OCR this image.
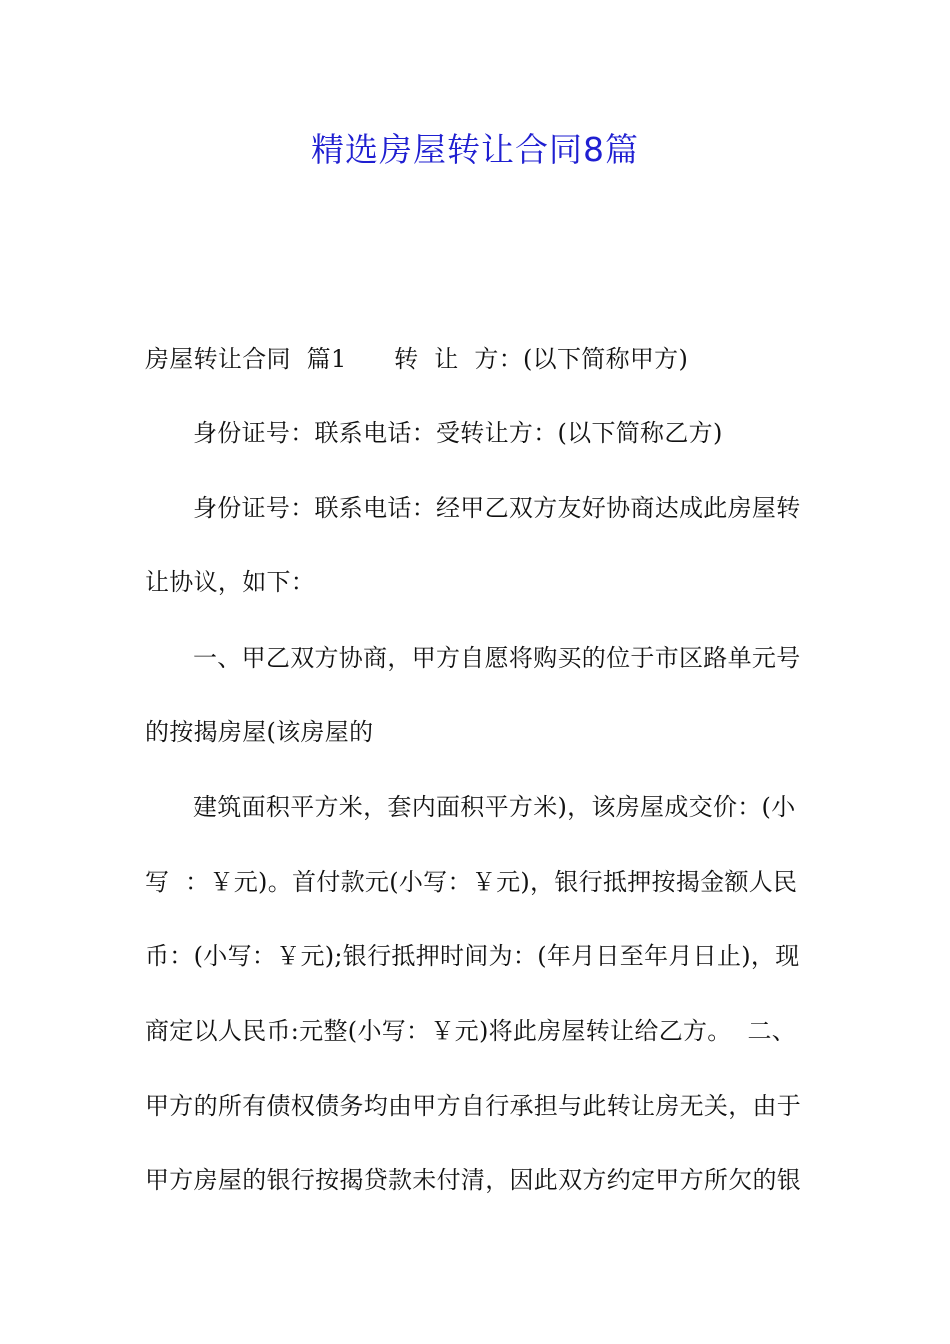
精选房屋转让合同8篇
房屋转让合同  篇1      转  让  方：(以下简称甲方)
身份证号：联系电话：受转让方：(以下简称乙方)
身份证号：联系电话：经甲乙双方友好协商达成此房屋转
让协议，如下：
一、甲乙双方协商，甲方自愿将购买的位于市区路单元号
的按揭房屋(该房屋的
建筑面积平方米，套内面积平方米)，该房屋成交价：(小
写  ：￥元)。首付款元(小写：￥元)，银行抵押按揭金额人民
币：(小写：￥元);银行抵押时间为：(年月日至年月日止)，现
商定以人民币:元整(小写：￥元)将此房屋转让给乙方。  二、
甲方的所有债权债务均由甲方自行承担与此转让房无关，由于
甲方房屋的银行按揭贷款未付清，因此双方约定甲方所欠的银
